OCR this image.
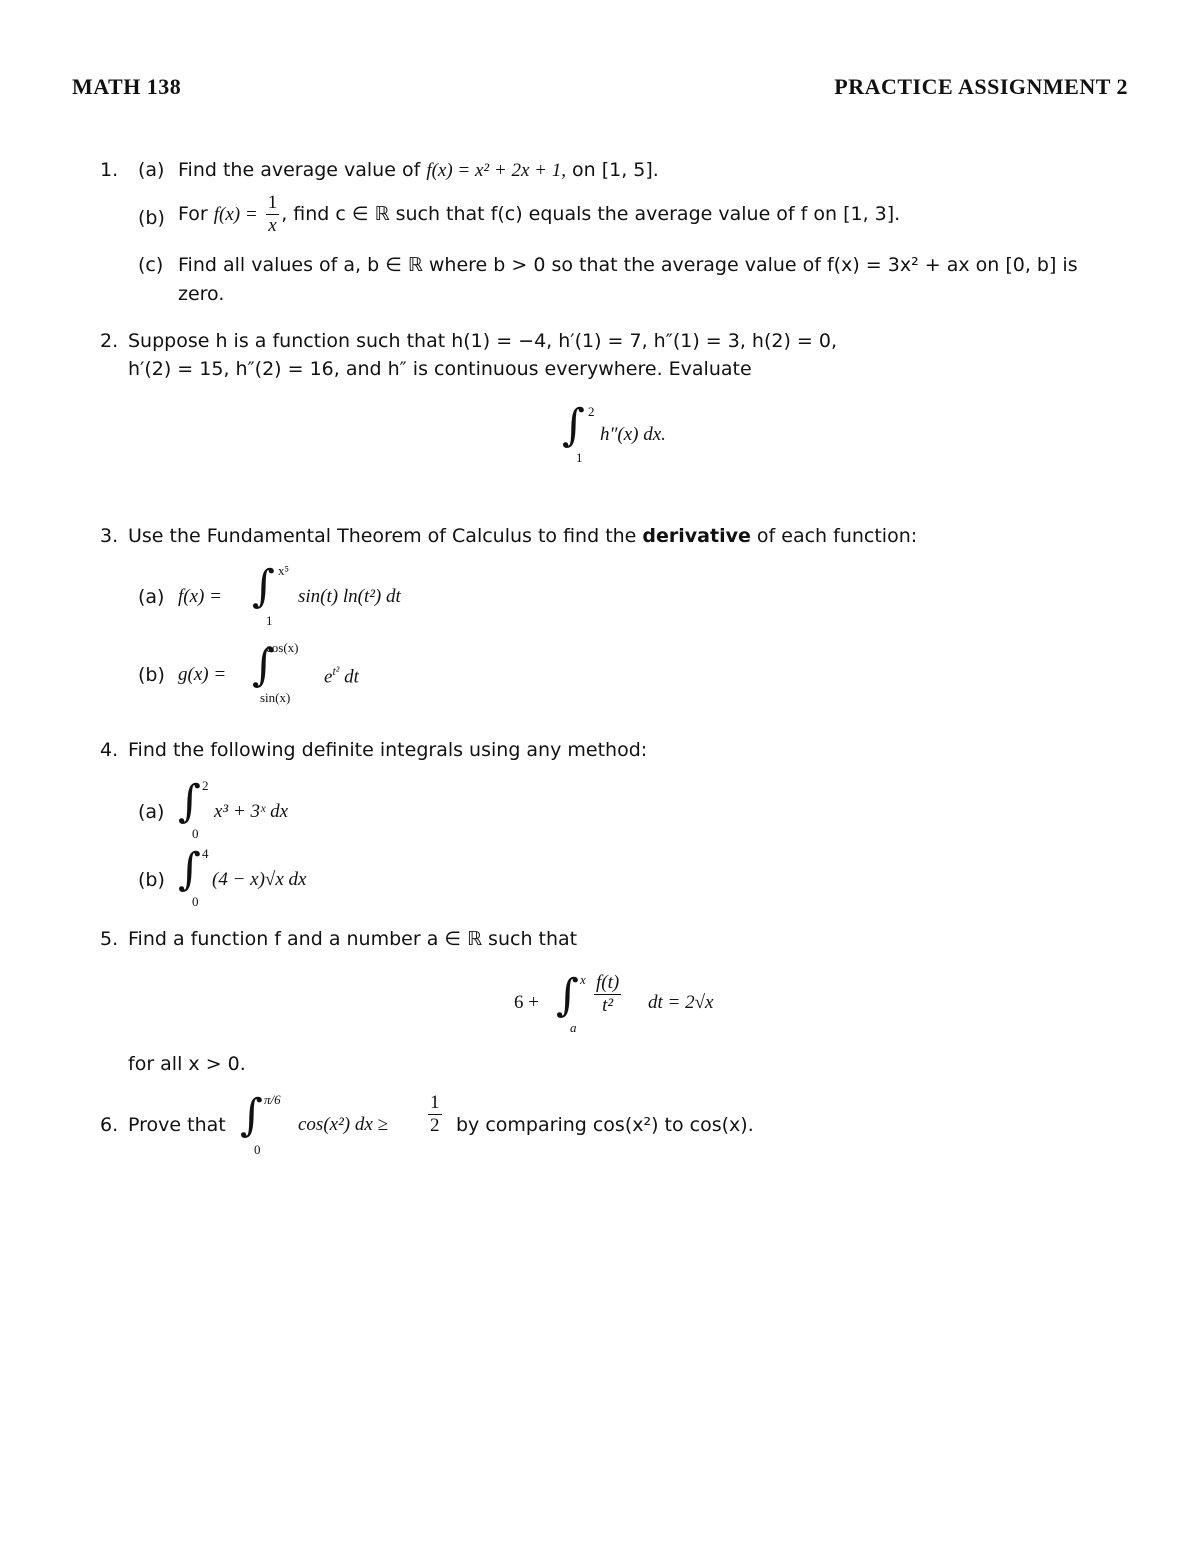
MATH 138	PRACTICE ASSIGNMENT 2
1. (a) Find the average value of f(x) = x² + 2x + 1, on [1, 5].
(b) For $f(x) = \frac{1}{x}$ , find c ∈ ℝ such that f(c) equals the average value of f on [1, 3].
(c) Find all values of a, b ∈ ℝ where b > 0 so that the average value of f(x) = 3x² + ax on [0, b] is
zero.
2. Suppose h is a function such that h(1) = −4, h′(1) = 7, h″(1) = 3, h(2) = 0,
h′(2) = 15, h″(2) = 16, and h″ is continuous everywhere. Evaluate
∫ 2
1
h″(x) dx.
3. Use the Fundamental Theorem of Calculus to find the derivative of each function:
(a) f(x) = ∫ x⁵
1
sin(t) ln(t²) dt
(b) g(x) = ∫
cos(x)
sin(x)
$e^{t^2}$ dt
4. Find the following definite integrals using any method:
(a) ∫ 2
0
x³ + 3ˣ dx
(b) ∫ 4
0
(4 − x)√x dx
5. Find a function f and a number a ∈ ℝ such that
6 + ∫ x
a
$\frac{f(t)}{\text{t²}}$ dt = 2√x
for all x > 0.
6. Prove that ∫ π/6
0
cos(x²) dx ≥ $\frac{1}{2}$ by comparing cos(x²) to cos(x).
